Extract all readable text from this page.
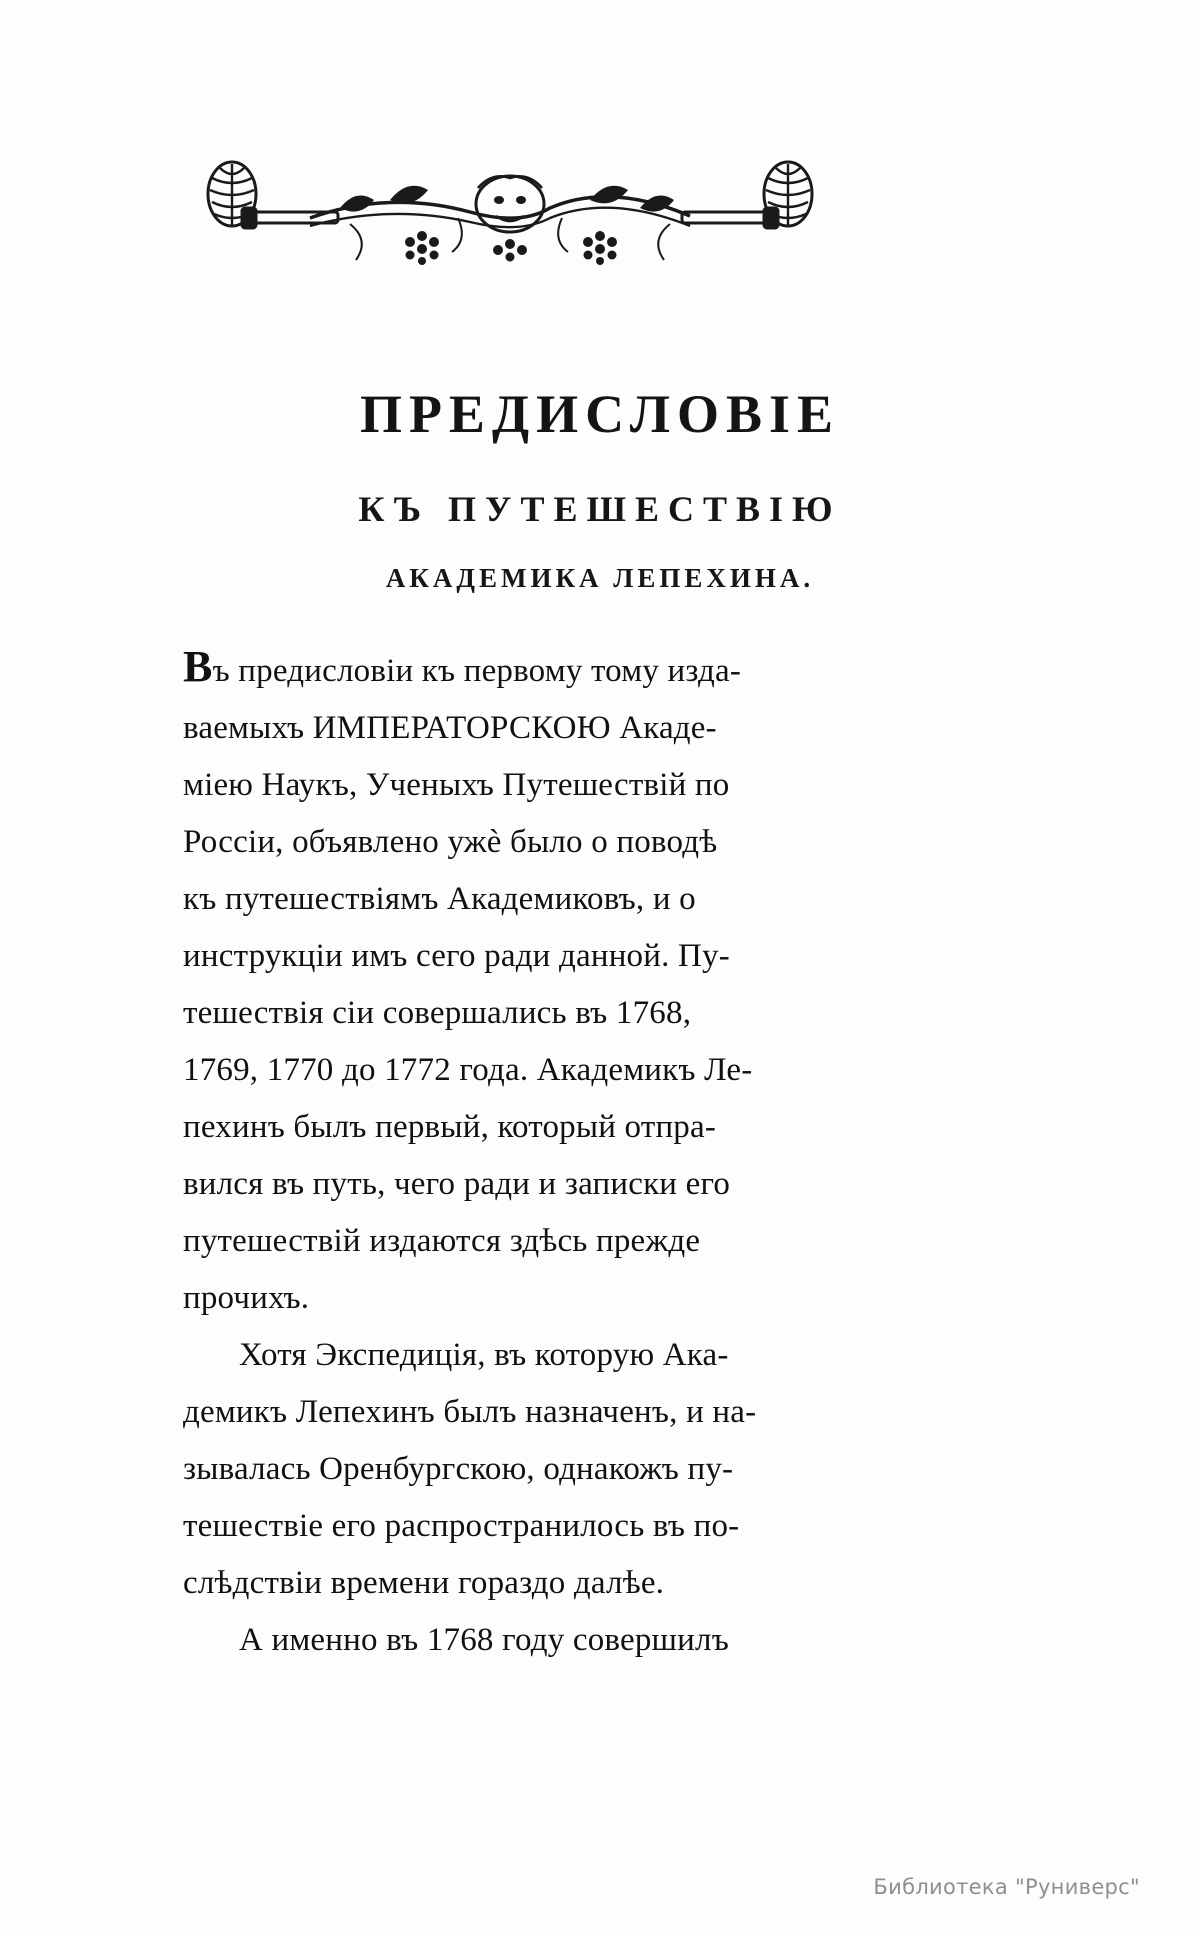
ПРЕДИСЛОВІЕ
КЪ ПУТЕШЕСТВІЮ
АКАДЕМИКА ЛЕПЕХИНА.
Въ предисловіи къ первому тому изда-
ваемыхъ ИМПЕРАТОРСКОЮ Акаде-
міею Наукъ, Ученыхъ Путешествій по
Россіи, объявлено ужѐ было о поводѣ
къ путешествіямъ Академиковъ, и о
инструкціи имъ сего ради данной. Пу-
тешествія сіи совершались въ 1768,
1769, 1770 до 1772 года. Академикъ Ле-
пехинъ былъ первый, который отпра-
вился въ путь, чего ради и записки его
путешествій издаются здѣсь прежде
прочихъ.
Хотя Экспедиція, въ которую Ака-
демикъ Лепехинъ былъ назначенъ, и на-
зывалась Оренбургскою, однакожъ пу-
тешествіе его распространилось въ по-
слѣдствіи времени гораздо далѣе.
А именно въ 1768 году совершилъ
Библиотека "Руниверс"
